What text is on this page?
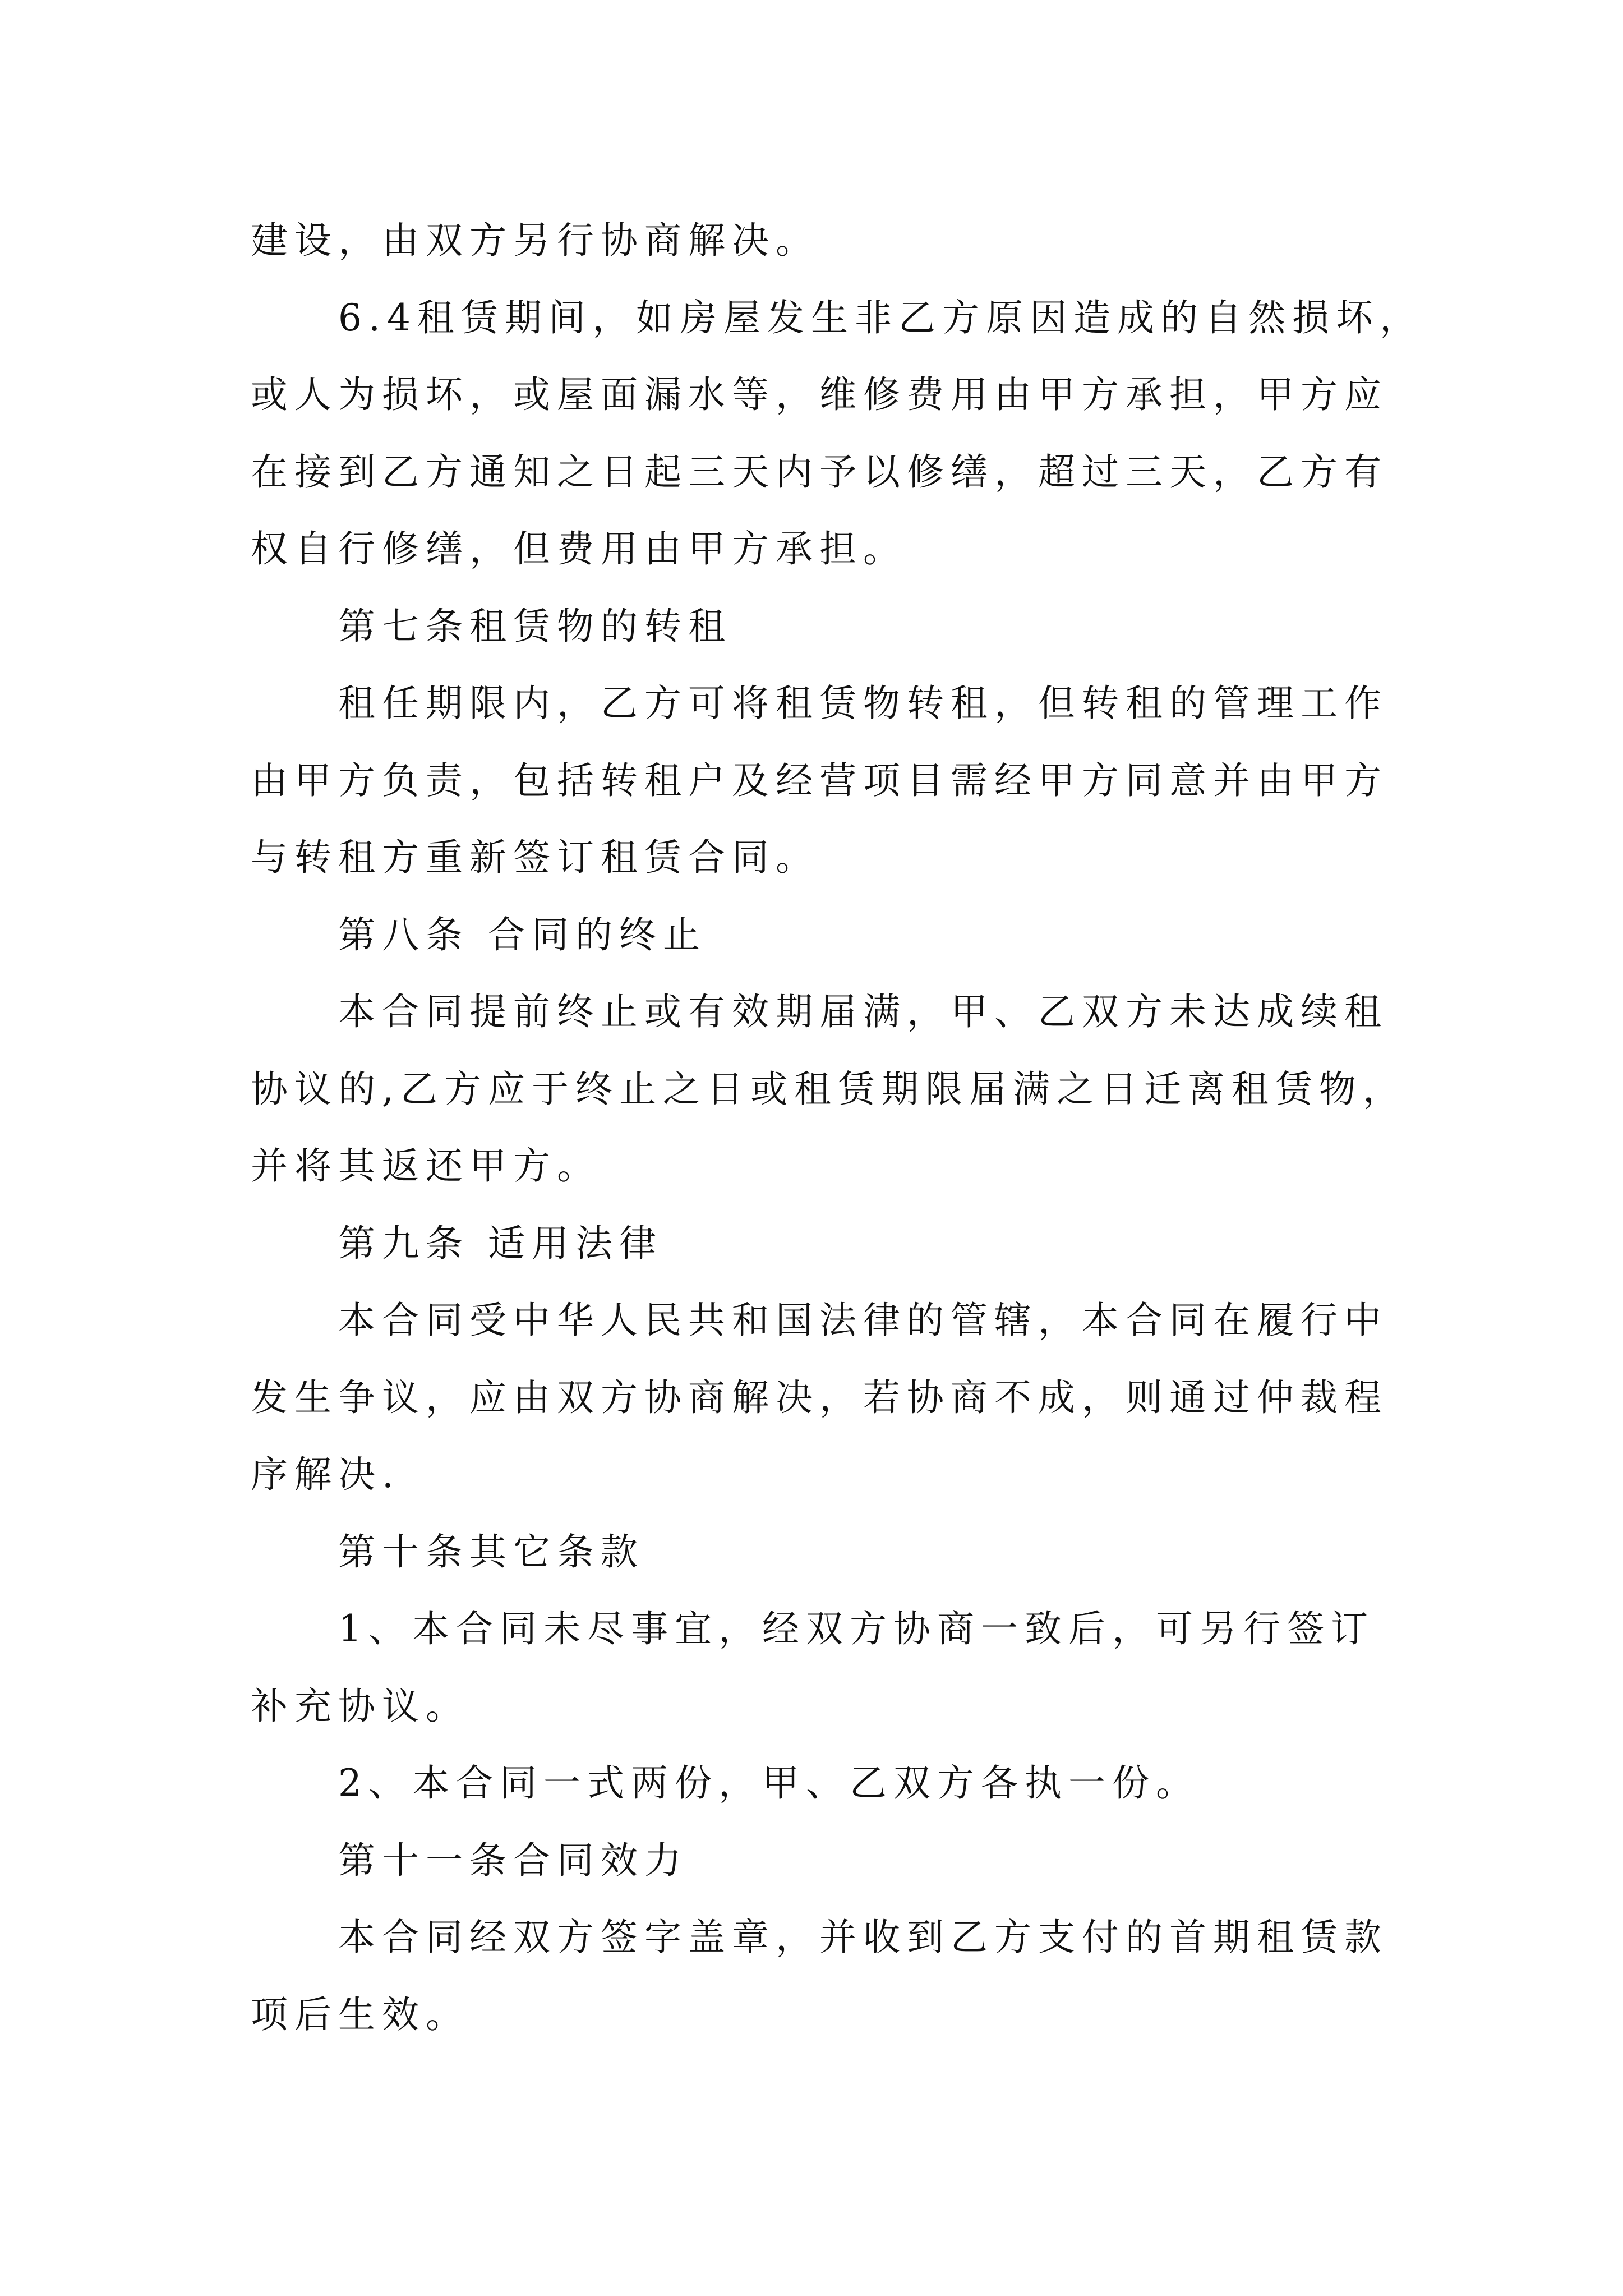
建设，由双方另行协商解决。
6.4租赁期间，如房屋发生非乙方原因造成的自然损坏，
或人为损坏，或屋面漏水等，维修费用由甲方承担，甲方应
在接到乙方通知之日起三天内予以修缮，超过三天，乙方有
权自行修缮，但费用由甲方承担。
第七条租赁物的转租
租任期限内，乙方可将租赁物转租，但转租的管理工作
由甲方负责，包括转租户及经营项目需经甲方同意并由甲方
与转租方重新签订租赁合同。
第八条 合同的终止
本合同提前终止或有效期届满，甲、乙双方未达成续租
协议的,乙方应于终止之日或租赁期限届满之日迁离租赁物，
并将其返还甲方。
第九条 适用法律
本合同受中华人民共和国法律的管辖，本合同在履行中
发生争议，应由双方协商解决，若协商不成，则通过仲裁程
序解决.
第十条其它条款
1、本合同未尽事宜，经双方协商一致后，可另行签订
补充协议。
2、本合同一式两份，甲、乙双方各执一份。
第十一条合同效力
本合同经双方签字盖章，并收到乙方支付的首期租赁款
项后生效。
